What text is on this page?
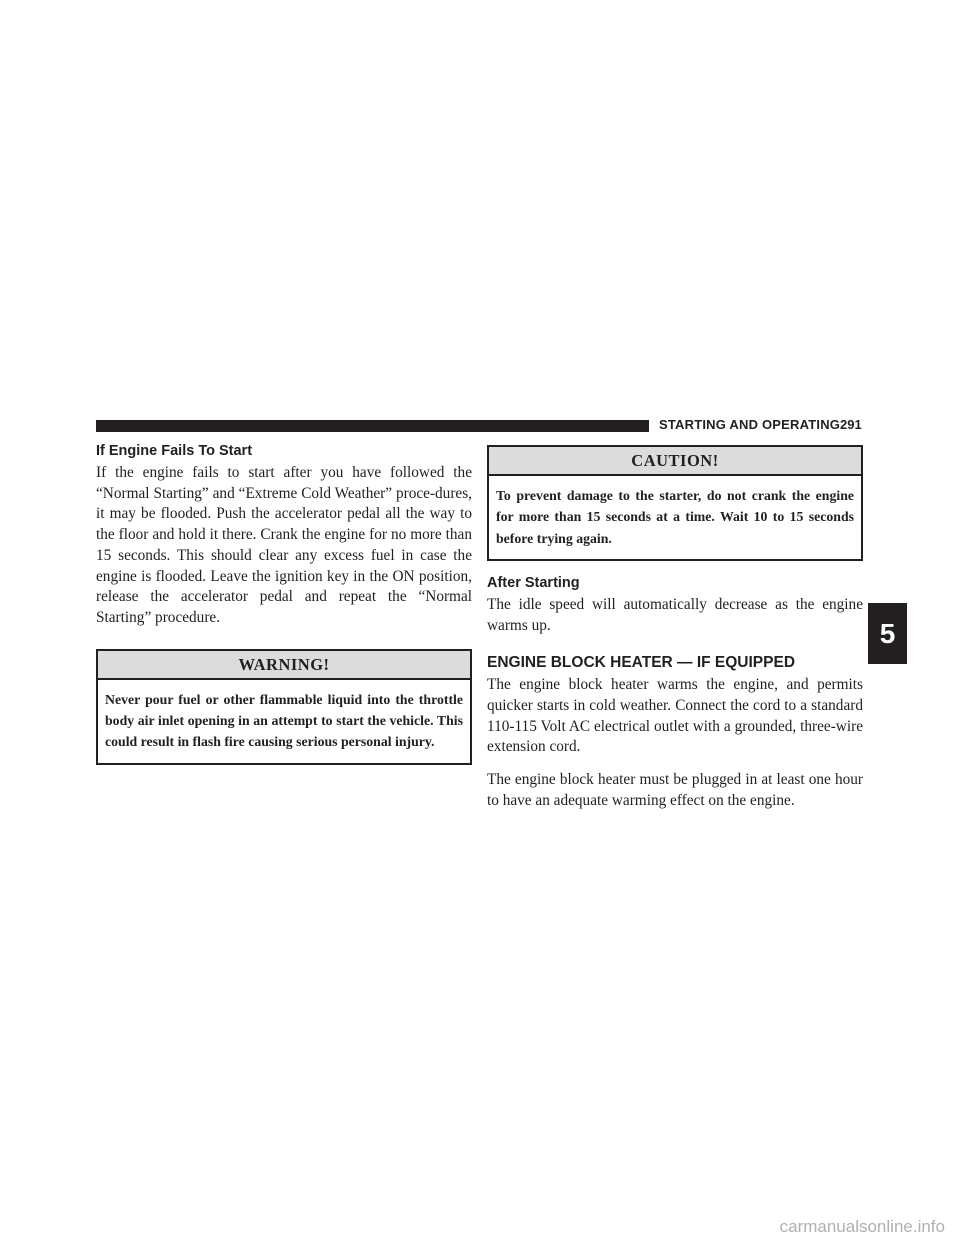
STARTING AND OPERATING 291
If Engine Fails To Start

If the engine fails to start after you have followed the “Normal Starting” and “Extreme Cold Weather” proce-dures, it may be flooded. Push the accelerator pedal all the way to the floor and hold it there. Crank the engine for no more than 15 seconds. This should clear any excess fuel in case the engine is flooded. Leave the ignition key in the ON position, release the accelerator pedal and repeat the “Normal Starting” procedure.

WARNING!
Never pour fuel or other flammable liquid into the throttle body air inlet opening in an attempt to start the vehicle. This could result in flash fire causing serious personal injury.
CAUTION!
To prevent damage to the starter, do not crank the engine for more than 15 seconds at a time. Wait 10 to 15 seconds before trying again.
After Starting

The idle speed will automatically decrease as the engine warms up.

ENGINE BLOCK HEATER — IF EQUIPPED

The engine block heater warms the engine, and permits quicker starts in cold weather. Connect the cord to a standard 110-115 Volt AC electrical outlet with a grounded, three-wire extension cord.

The engine block heater must be plugged in at least one hour to have an adequate warming effect on the engine.

5
carmanualsonline.info
